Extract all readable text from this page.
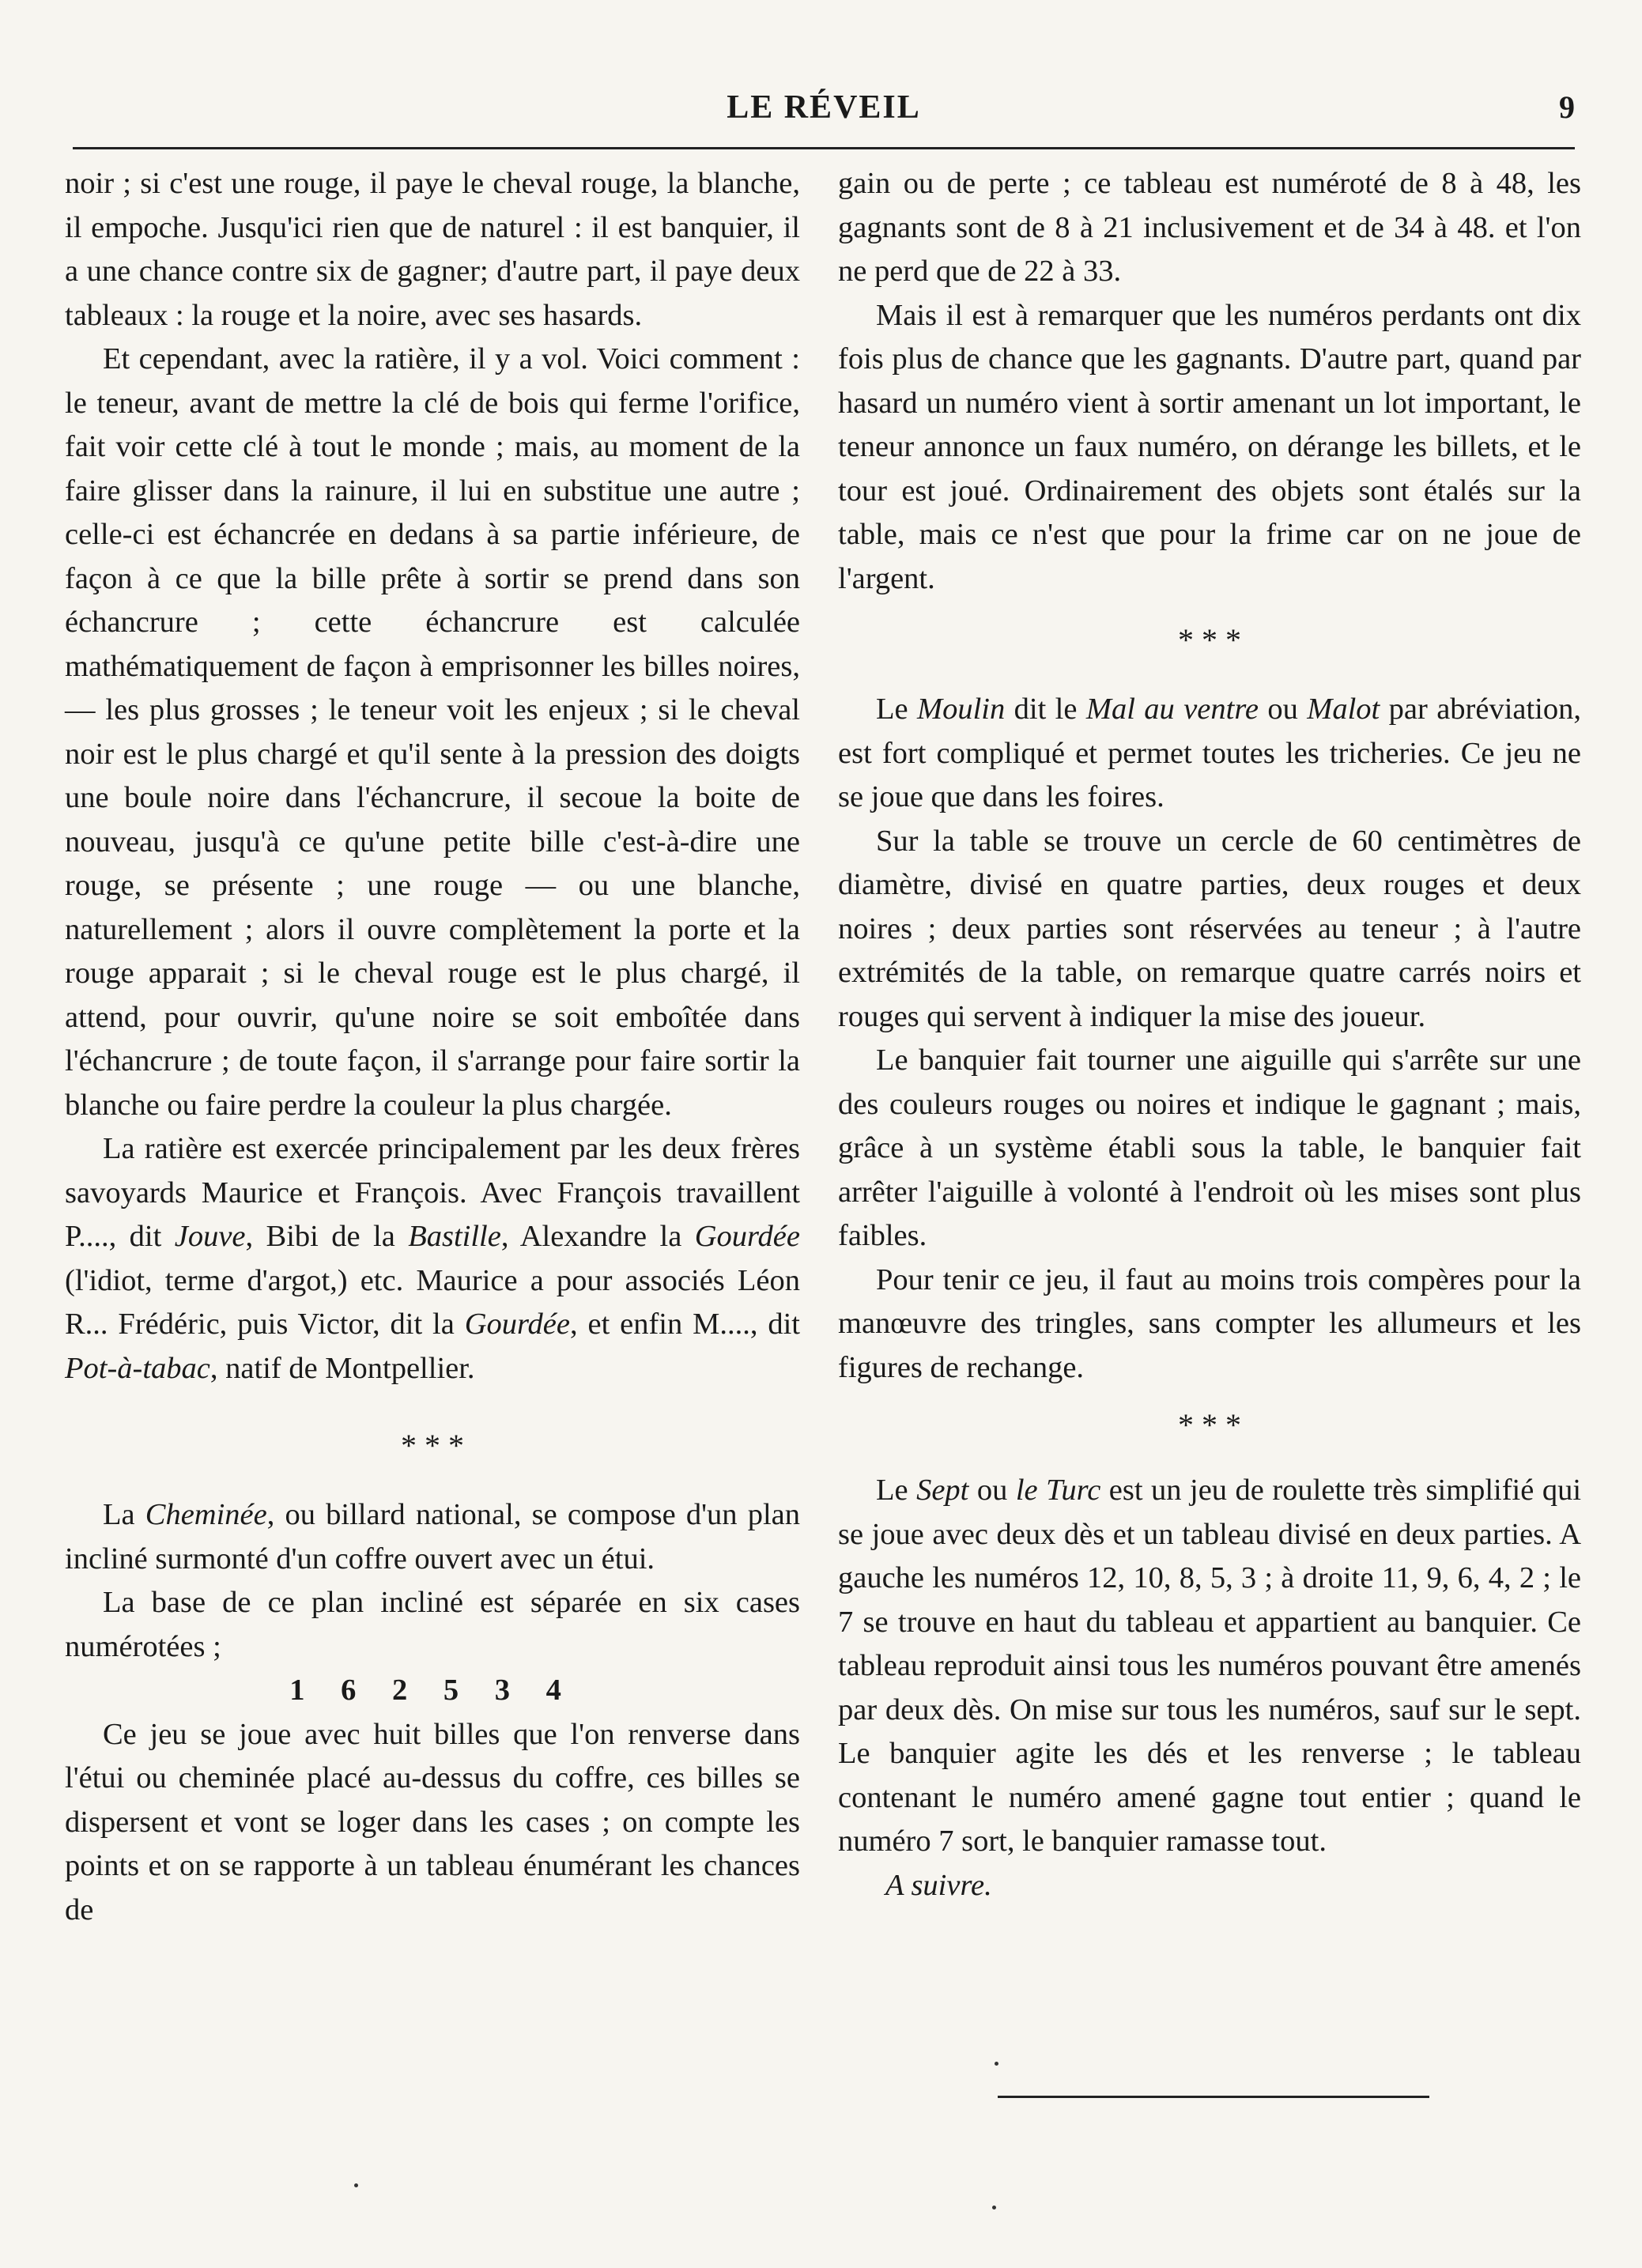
LE RÉVEIL	9

noir ; si c'est une rouge, il paye le cheval rouge, la blanche, il empoche. Jusqu'ici rien que de naturel : il est banquier, il a une chance contre six de gagner; d'autre part, il paye deux tableaux : la rouge et la noire, avec ses hasards.

Et cependant, avec la ratière, il y a vol. Voici comment : le teneur, avant de mettre la clé de bois qui ferme l'orifice, fait voir cette clé à tout le monde ; mais, au moment de la faire glisser dans la rainure, il lui en substitue une autre ; celle-ci est échancrée en dedans à sa partie inférieure, de façon à ce que la bille prête à sortir se prend dans son échancrure ; cette échancrure est calculée mathématiquement de façon à emprisonner les billes noires, — les plus grosses ; le teneur voit les enjeux ; si le cheval noir est le plus chargé et qu'il sente à la pression des doigts une boule noire dans l'échancrure, il secoue la boite de nouveau, jusqu'à ce qu'une petite bille c'est-à-dire une rouge, se présente ; une rouge — ou une blanche, naturellement ; alors il ouvre complètement la porte et la rouge apparait ; si le cheval rouge est le plus chargé, il attend, pour ouvrir, qu'une noire se soit emboîtée dans l'échancrure ; de toute façon, il s'arrange pour faire sortir la blanche ou faire perdre la couleur la plus chargée.

La ratière est exercée principalement par les deux frères savoyards Maurice et François. Avec François travaillent P...., dit Jouve, Bibi de la Bastille, Alexandre la Gourdée (l'idiot, terme d'argot,) etc. Maurice a pour associés Léon R... Frédéric, puis Victor, dit la Gourdée, et enfin M...., dit Pot-à-tabac, natif de Montpellier.

* * *

La Cheminée, ou billard national, se compose d'un plan incliné surmonté d'un coffre ouvert avec un étui.

La base de ce plan incliné est séparée en six cases numérotées ;

1 6 2 5 3 4

Ce jeu se joue avec huit billes que l'on renverse dans l'étui ou cheminée placé au-dessus du coffre, ces billes se dispersent et vont se loger dans les cases ; on compte les points et on se rapporte à un tableau énumérant les chances de

gain ou de perte ; ce tableau est numéroté de 8 à 48, les gagnants sont de 8 à 21 inclusivement et de 34 à 48. et l'on ne perd que de 22 à 33.

Mais il est à remarquer que les numéros perdants ont dix fois plus de chance que les gagnants. D'autre part, quand par hasard un numéro vient à sortir amenant un lot important, le teneur annonce un faux numéro, on dérange les billets, et le tour est joué. Ordinairement des objets sont étalés sur la table, mais ce n'est que pour la frime car on ne joue de l'argent.

* * *

Le Moulin dit le Mal au ventre ou Malot par abréviation, est fort compliqué et permet toutes les tricheries. Ce jeu ne se joue que dans les foires.

Sur la table se trouve un cercle de 60 centimètres de diamètre, divisé en quatre parties, deux rouges et deux noires ; deux parties sont réservées au teneur ; à l'autre extrémités de la table, on remarque quatre carrés noirs et rouges qui servent à indiquer la mise des joueur.

Le banquier fait tourner une aiguille qui s'arrête sur une des couleurs rouges ou noires et indique le gagnant ; mais, grâce à un système établi sous la table, le banquier fait arrêter l'aiguille à volonté à l'endroit où les mises sont plus faibles.

Pour tenir ce jeu, il faut au moins trois compères pour la manœuvre des tringles, sans compter les allumeurs et les figures de rechange.

* * *

Le Sept ou le Turc est un jeu de roulette très simplifié qui se joue avec deux dès et un tableau divisé en deux parties. A gauche les numéros 12, 10, 8, 5, 3 ; à droite 11, 9, 6, 4, 2 ; le 7 se trouve en haut du tableau et appartient au banquier. Ce tableau reproduit ainsi tous les numéros pouvant être amenés par deux dès. On mise sur tous les numéros, sauf sur le sept. Le banquier agite les dés et les renverse ; le tableau contenant le numéro amené gagne tout entier ; quand le numéro 7 sort, le banquier ramasse tout.

A suivre.
